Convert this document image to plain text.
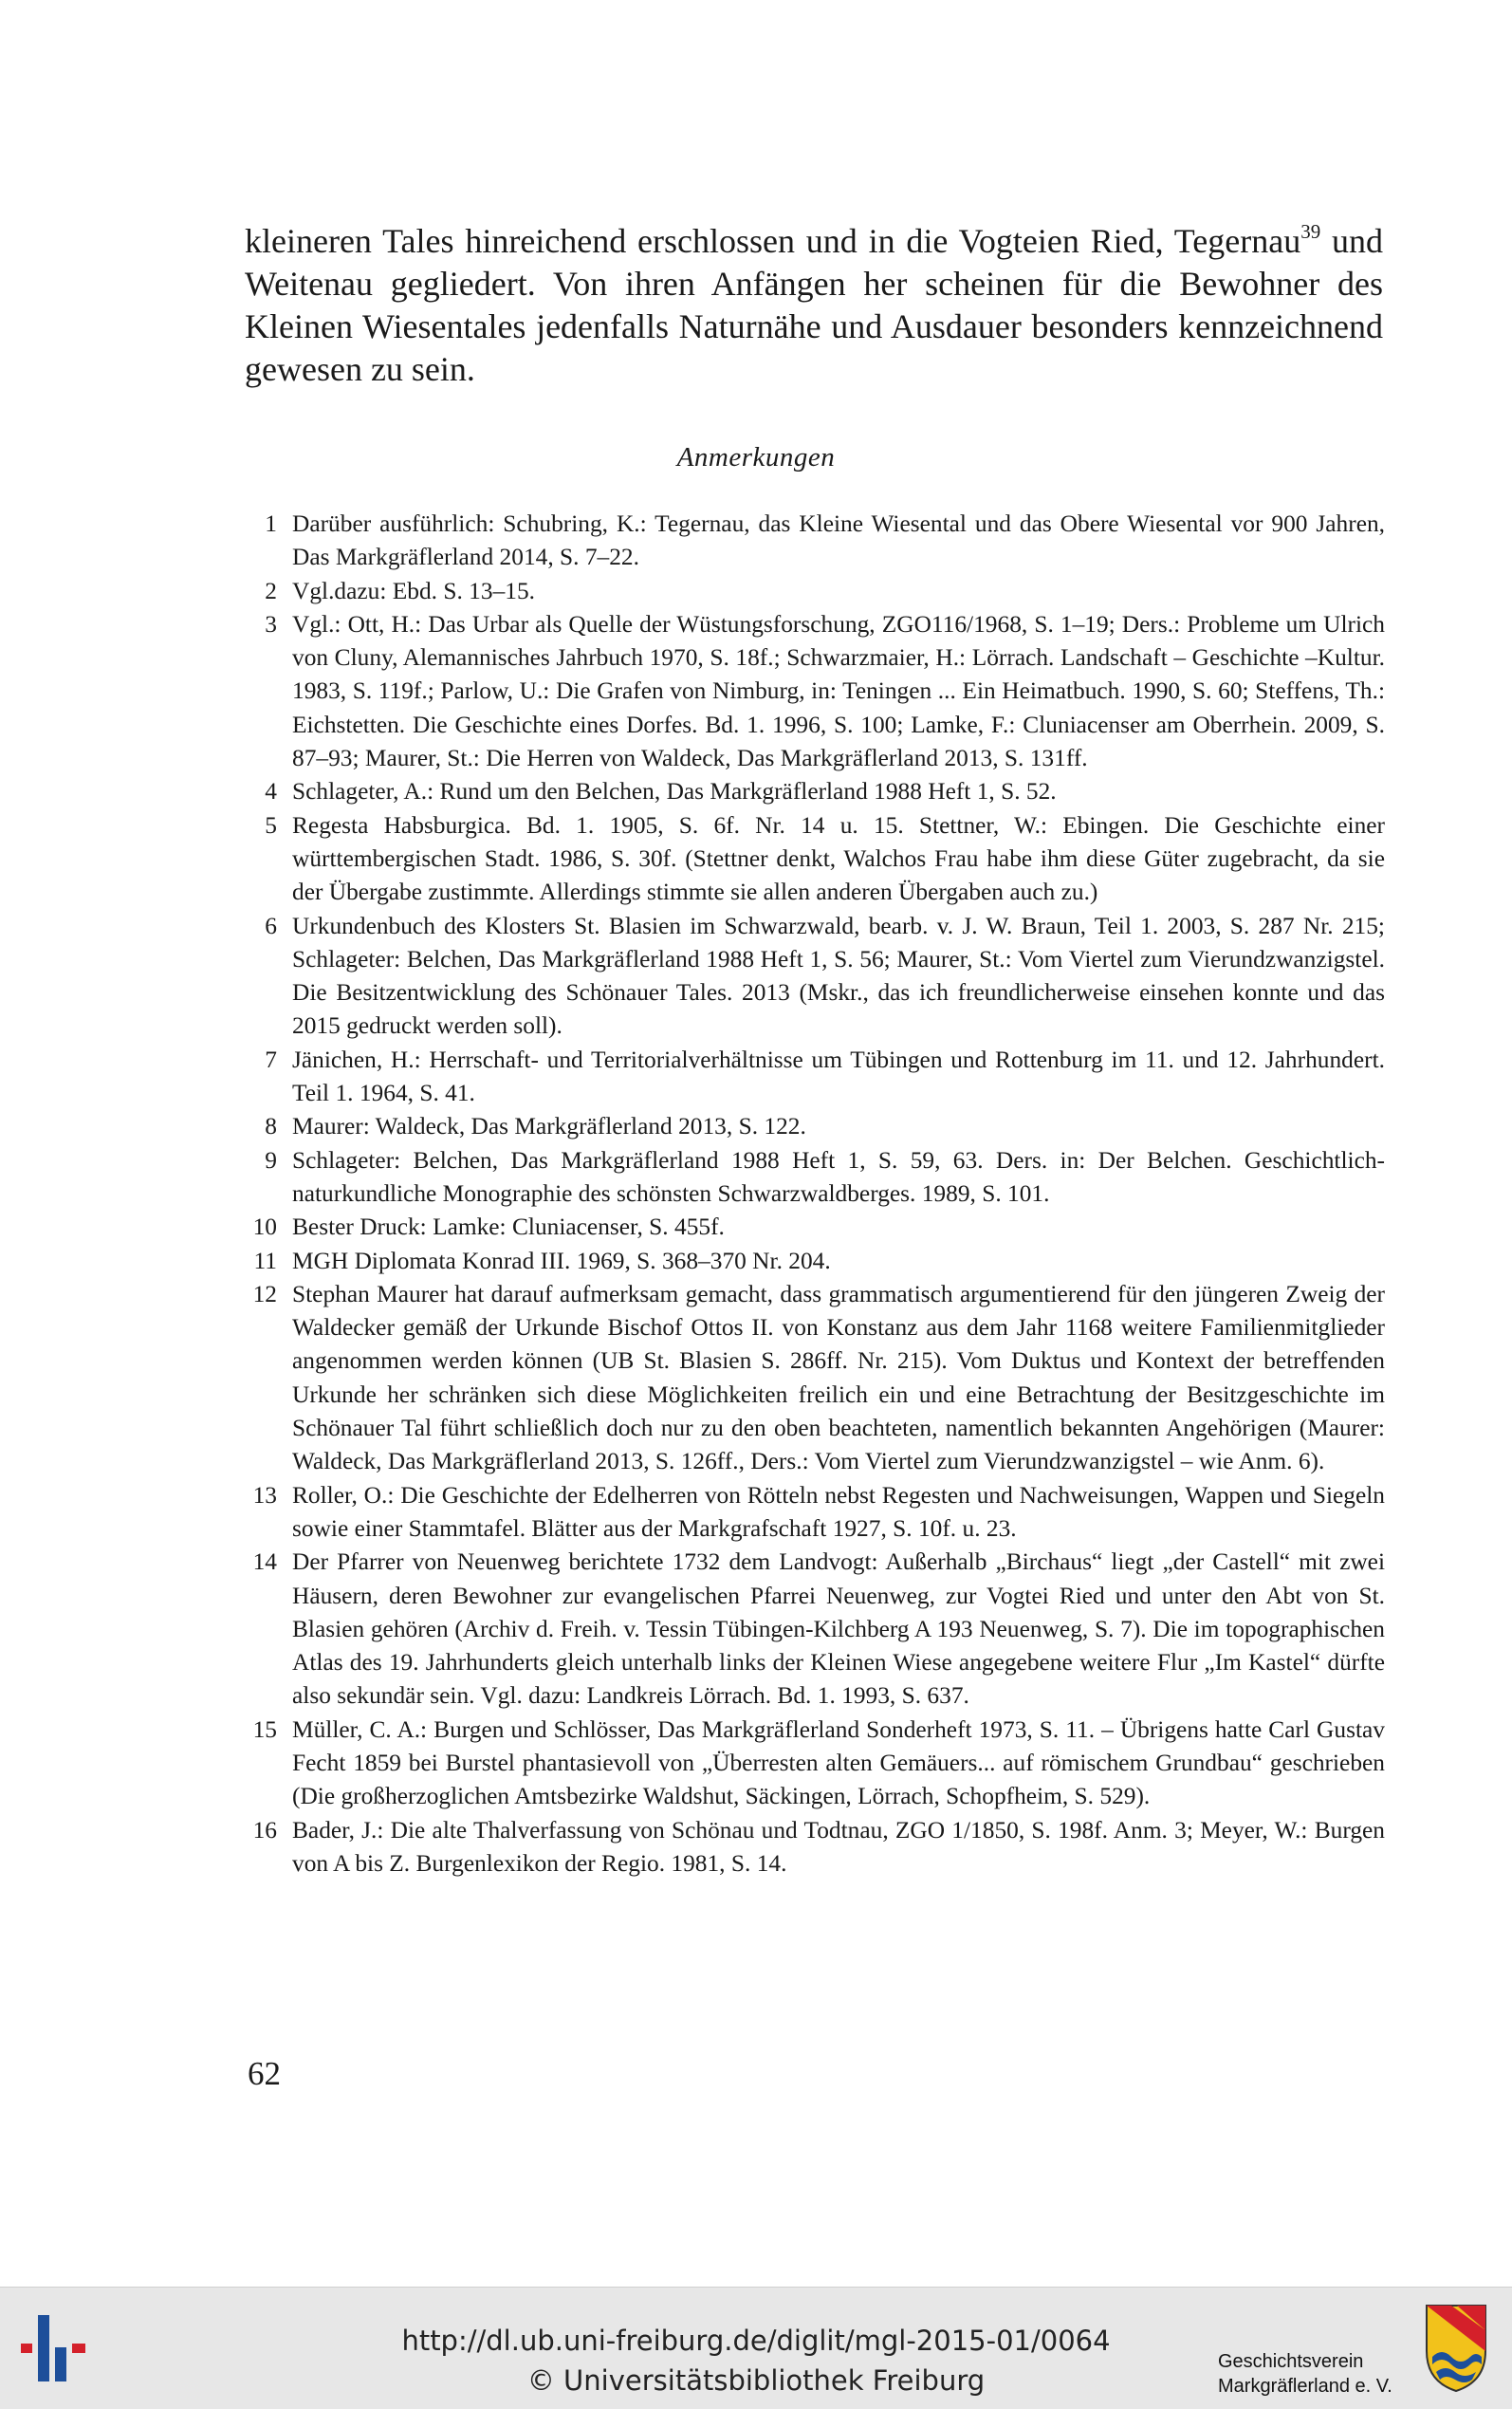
kleineren Tales hinreichend erschlossen und in die Vogteien Ried, Tegernau$^{39}$ und Weitenau gegliedert. Von ihren Anfängen her scheinen für die Bewohner des Kleinen Wiesentales jedenfalls Naturnähe und Ausdauer besonders kennzeichnend gewesen zu sein.

Anmerkungen
1 Darüber ausführlich: Schubring, K.: Tegernau, das Kleine Wiesental und das Obere Wiesental vor 900 Jahren, Das Markgräflerland 2014, S. 7–22.
2 Vgl.dazu: Ebd. S. 13–15.
3 Vgl.: Ott, H.: Das Urbar als Quelle der Wüstungsforschung, ZGO116/1968, S. 1–19; Ders.: Probleme um Ulrich von Cluny, Alemannisches Jahrbuch 1970, S. 18f.; Schwarzmaier, H.: Lörrach. Landschaft – Geschichte –Kultur. 1983, S. 119f.; Parlow, U.: Die Grafen von Nimburg, in: Teningen ... Ein Heimatbuch. 1990, S. 60; Steffens, Th.: Eichstetten. Die Geschichte eines Dorfes. Bd. 1. 1996, S. 100; Lamke, F.: Cluniacenser am Oberrhein. 2009, S. 87–93; Maurer, St.: Die Herren von Waldeck, Das Markgräflerland 2013, S. 131ff.
4 Schlageter, A.: Rund um den Belchen, Das Markgräflerland 1988 Heft 1, S. 52.
5 Regesta Habsburgica. Bd. 1. 1905, S. 6f. Nr. 14 u. 15. Stettner, W.: Ebingen. Die Geschichte einer württembergischen Stadt. 1986, S. 30f. (Stettner denkt, Walchos Frau habe ihm diese Güter zugebracht, da sie der Übergabe zustimmte. Allerdings stimmte sie allen anderen Übergaben auch zu.)
6 Urkundenbuch des Klosters St. Blasien im Schwarzwald, bearb. v. J. W. Braun, Teil 1. 2003, S. 287 Nr. 215; Schlageter: Belchen, Das Markgräflerland 1988 Heft 1, S. 56; Maurer, St.: Vom Viertel zum Vierundzwanzigstel. Die Besitzentwicklung des Schönauer Tales. 2013 (Mskr., das ich freundlicherweise einsehen konnte und das 2015 gedruckt werden soll).
7 Jänichen, H.: Herrschaft- und Territorialverhältnisse um Tübingen und Rottenburg im 11. und 12. Jahrhundert. Teil 1. 1964, S. 41.
8 Maurer: Waldeck, Das Markgräflerland 2013, S. 122.
9 Schlageter: Belchen, Das Markgräflerland 1988 Heft 1, S. 59, 63. Ders. in: Der Belchen. Geschichtlich-naturkundliche Monographie des schönsten Schwarzwaldberges. 1989, S. 101.
10 Bester Druck: Lamke: Cluniacenser, S. 455f.
11 MGH Diplomata Konrad III. 1969, S. 368–370 Nr. 204.
12 Stephan Maurer hat darauf aufmerksam gemacht, dass grammatisch argumentierend für den jüngeren Zweig der Waldecker gemäß der Urkunde Bischof Ottos II. von Konstanz aus dem Jahr 1168 weitere Familienmitglieder angenommen werden können (UB St. Blasien S. 286ff. Nr. 215). Vom Duktus und Kontext der betreffenden Urkunde her schränken sich diese Möglichkeiten freilich ein und eine Betrachtung der Besitzgeschichte im Schönauer Tal führt schließlich doch nur zu den oben beachteten, namentlich bekannten Angehörigen (Maurer: Waldeck, Das Markgräflerland 2013, S. 126ff., Ders.: Vom Viertel zum Vierundzwanzigstel – wie Anm. 6).
13 Roller, O.: Die Geschichte der Edelherren von Rötteln nebst Regesten und Nachweisungen, Wappen und Siegeln sowie einer Stammtafel. Blätter aus der Markgrafschaft 1927, S. 10f. u. 23.
14 Der Pfarrer von Neuenweg berichtete 1732 dem Landvogt: Außerhalb „Birchaus“ liegt „der Castell“ mit zwei Häusern, deren Bewohner zur evangelischen Pfarrei Neuenweg, zur Vogtei Ried und unter den Abt von St. Blasien gehören (Archiv d. Freih. v. Tessin Tübingen-Kilchberg A 193 Neuenweg, S. 7). Die im topographischen Atlas des 19. Jahrhunderts gleich unterhalb links der Kleinen Wiese angegebene weitere Flur „Im Kastel“ dürfte also sekundär sein. Vgl. dazu: Landkreis Lörrach. Bd. 1. 1993, S. 637.
15 Müller, C. A.: Burgen und Schlösser, Das Markgräflerland Sonderheft 1973, S. 11. – Übrigens hatte Carl Gustav Fecht 1859 bei Burstel phantasievoll von „Überresten alten Gemäuers... auf römischem Grundbau“ geschrieben (Die großherzoglichen Amtsbezirke Waldshut, Säckingen, Lörrach, Schopfheim, S. 529).
16 Bader, J.: Die alte Thalverfassung von Schönau und Todtnau, ZGO 1/1850, S. 198f. Anm. 3; Meyer, W.: Burgen von A bis Z. Burgenlexikon der Regio. 1981, S. 14.

62

http://dl.ub.uni-freiburg.de/diglit/mgl-2015-01/0064
© Universitätsbibliothek Freiburg
Geschichtsverein
Markgräflerland e. V.
